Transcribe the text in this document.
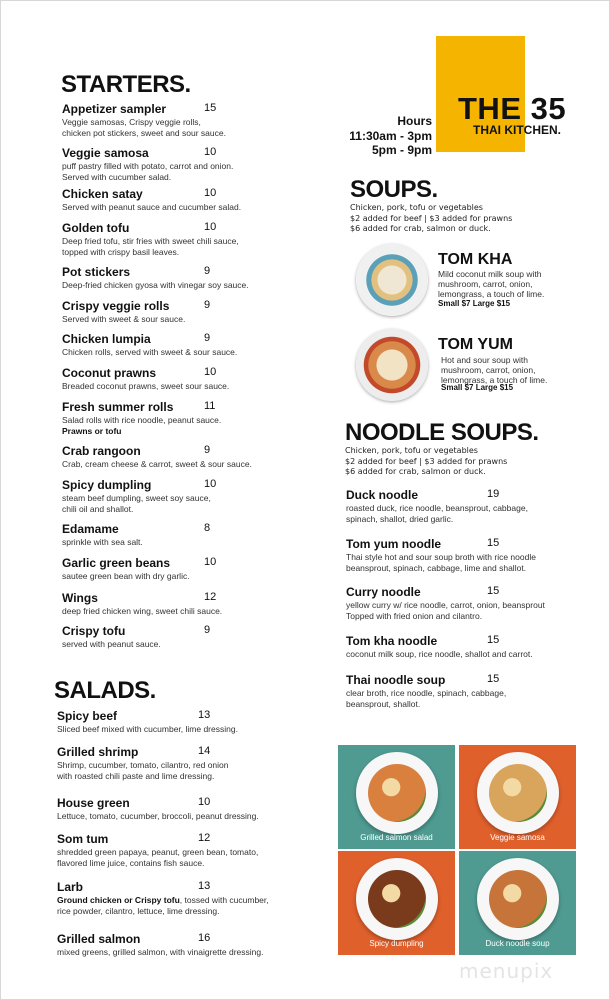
THE 35
THAI KITCHEN.
Hours
11:30am - 3pm
5pm - 9pm
STARTERS.
Appetizer sampler	15
Veggie samosas, Crispy veggie rolls,
chicken pot stickers, sweet and sour sauce.
Veggie samosa	10
puff pastry filled with potato, carrot and onion.
Served with cucumber salad.
Chicken satay	10
Served with peanut sauce and cucumber salad.
Golden tofu	10
Deep fried tofu, stir fries with sweet chili sauce,
topped with crispy basil leaves.
Pot stickers	9
Deep-fried chicken gyosa with vinegar soy sauce.
Crispy veggie rolls	9
Served with sweet & sour sauce.
Chicken lumpia	9
Chicken rolls, served with sweet & sour sauce.
Coconut prawns	10
Breaded coconut prawns, sweet sour sauce.
Fresh summer rolls	11
Salad rolls with rice noodle, peanut sauce.
Prawns or tofu
Crab rangoon	9
Crab, cream cheese & carrot, sweet & sour sauce.
Spicy dumpling	10
steam beef dumpling, sweet soy sauce,
chili oil and shallot.
Edamame	8
sprinkle with sea salt.
Garlic green beans	10
sautee green bean with dry garlic.
Wings	12
deep fried chicken wing, sweet chili sauce.
Crispy tofu	9
served with peanut sauce.
SALADS.
Spicy beef	13
Sliced beef mixed with cucumber, lime dressing.
Grilled shrimp	14
Shrimp, cucumber, tomato, cilantro, red onion
with roasted chili paste and lime dressing.
House green	10
Lettuce, tomato, cucumber, broccoli, peanut dressing.
Som tum	12
shredded green papaya, peanut, green bean, tomato,
flavored lime juice, contains fish sauce.
Larb	13
Ground chicken or Crispy tofu, tossed with cucumber,
rice powder, cilantro, lettuce, lime dressing.
Grilled salmon	16
mixed greens, grilled salmon, with vinaigrette dressing.
SOUPS.
Chicken, pork, tofu or vegetables
$2 added for beef | $3 added for prawns
$6 added for crab, salmon or duck.
TOM KHA
Mild coconut milk soup with
mushroom, carrot, onion,
lemongrass, a touch of lime.
Small $7 Large $15
TOM YUM
Hot and sour soup with
mushroom, carrot, onion,
lemongrass, a touch of lime.
Small $7 Large $15
NOODLE SOUPS.
Chicken, pork, tofu or vegetables
$2 added for beef | $3 added for prawns
$6 added for crab, salmon or duck.
Duck noodle	19
roasted duck, rice noodle, beansprout, cabbage,
spinach, shallot, dried garlic.
Tom yum noodle	15
Thai style hot and sour soup broth with rice noodle
beansprout, spinach, cabbage, lime and shallot.
Curry noodle	15
yellow curry w/ rice noodle, carrot, onion, beansprout
Topped with fried onion and cilantro.
Tom kha noodle	15
coconut milk soup, rice noodle, shallot and carrot.
Thai noodle soup	15
clear broth, rice noodle, spinach, cabbage,
beansprout, shallot.
Grilled salmon salad	Veggie samosa
Spicy dumpling	Duck noodle soup
menupix
